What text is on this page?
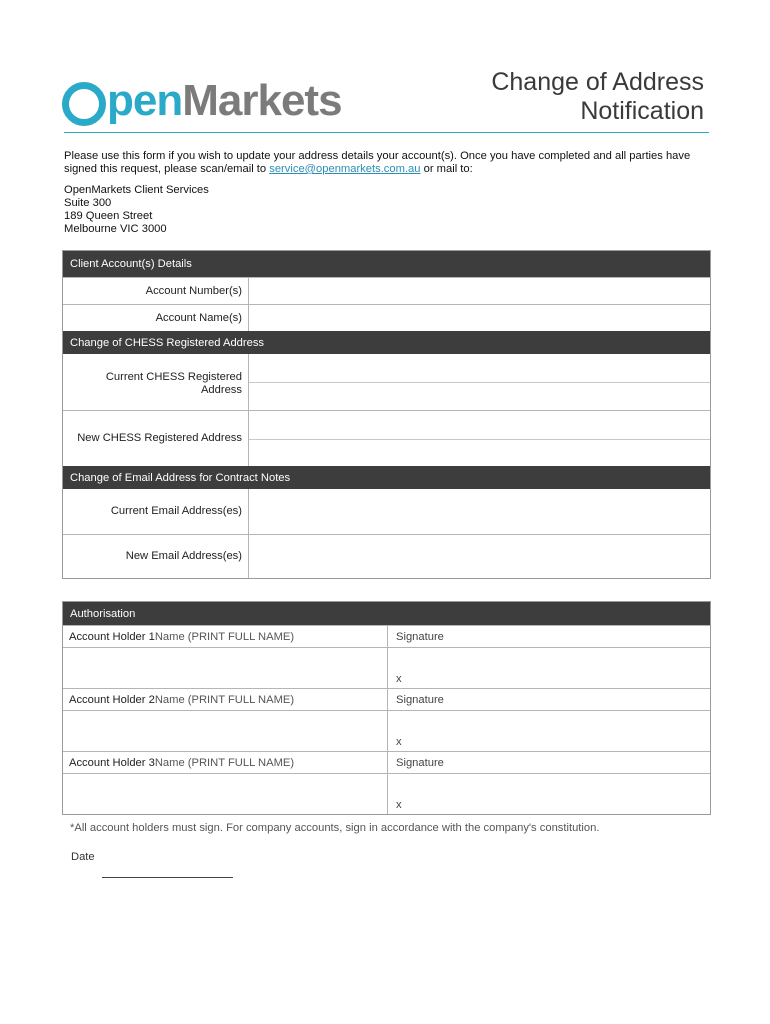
pen Markets	Change of Address
Notification
Please use this form if you wish to update your address details your account(s). Once you have completed and all parties have signed this request, please scan/email to service@openmarkets.com.au or mail to:
OpenMarkets Client Services
Suite 300
189 Queen Street
Melbourne VIC 3000
Client Account(s) Details
Account Number(s)
Account Name(s)
Change of CHESS Registered Address
Current CHESS Registered
Address
New CHESS Registered Address
Change of Email Address for Contract Notes
Current Email Address(es)
New Email Address(es)
Authorisation
Account Holder 1 Name (PRINT FULL NAME)	Signature
x
Account Holder 2 Name (PRINT FULL NAME)	Signature
x
Account Holder 3 Name (PRINT FULL NAME)	Signature
x
*All account holders must sign. For company accounts, sign in accordance with the company's constitution.
Date
